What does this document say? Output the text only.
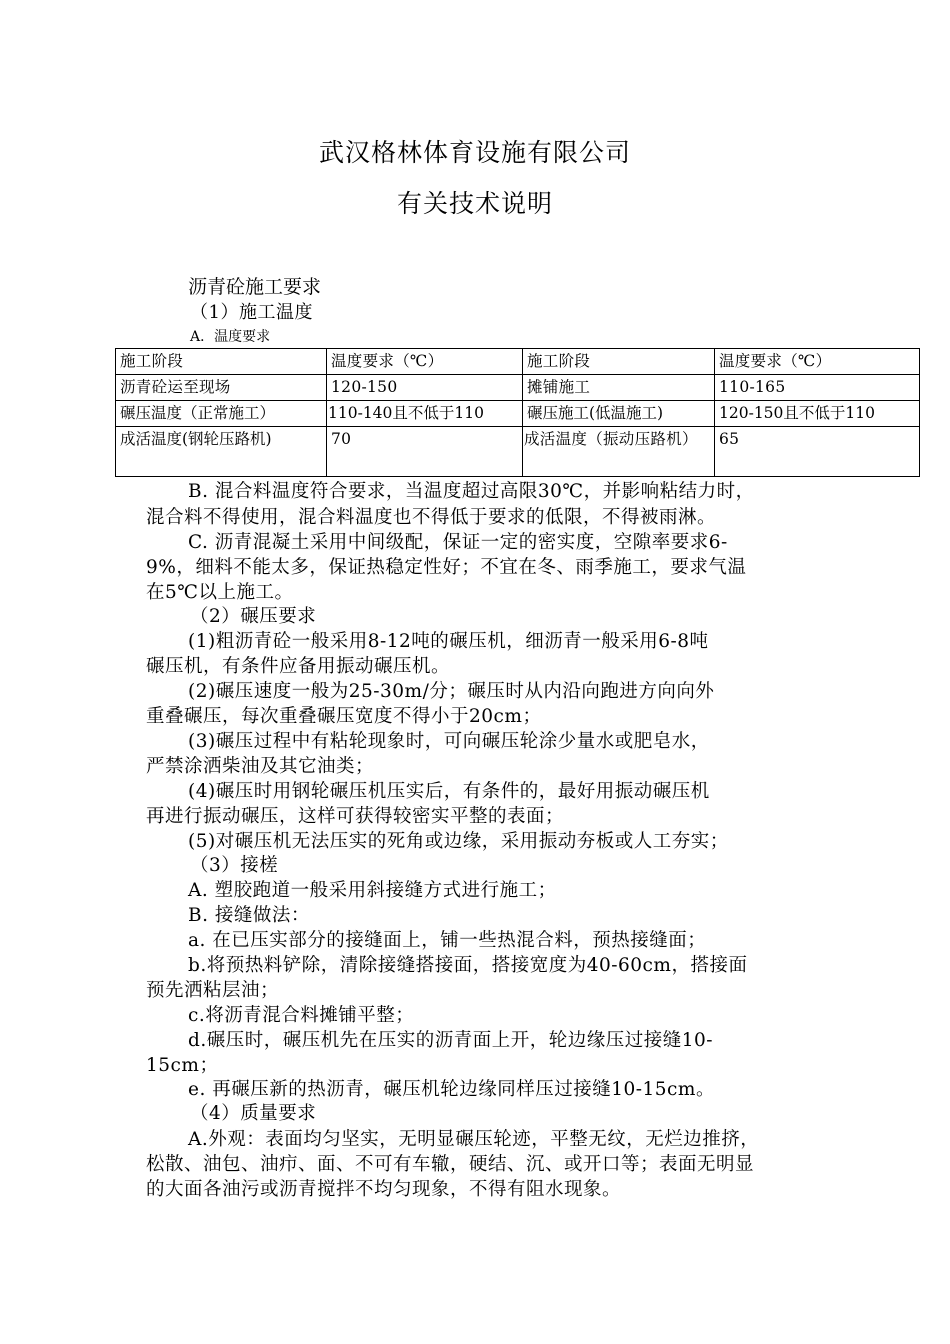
武汉格林体育设施有限公司
有关技术说明
沥青砼施工要求
（1）施工温度
A．温度要求
施工阶段	温度要求（℃）	施工阶段	温度要求（℃）
沥青砼运至现场	120-150	摊铺施工	110-165
碾压温度（正常施工）	110-140且不低于110	碾压施工(低温施工)	120-150且不低于110
成活温度(钢轮压路机)	70	成活温度（振动压路机）	65
B. 混合料温度符合要求，当温度超过高限30℃，并影响粘结力时，
混合料不得使用，混合料温度也不得低于要求的低限，不得被雨淋。
C. 沥青混凝土采用中间级配，保证一定的密实度，空隙率要求6-
9%，细料不能太多，保证热稳定性好；不宜在冬、雨季施工，要求气温
在5℃以上施工。
（2）碾压要求
(1)粗沥青砼一般采用8-12吨的碾压机，细沥青一般采用6-8吨
碾压机，有条件应备用振动碾压机。
(2)碾压速度一般为25-30m/分；碾压时从内沿向跑进方向向外
重叠碾压，每次重叠碾压宽度不得小于20cm；
(3)碾压过程中有粘轮现象时，可向碾压轮涂少量水或肥皂水，
严禁涂洒柴油及其它油类；
(4)碾压时用钢轮碾压机压实后，有条件的，最好用振动碾压机
再进行振动碾压，这样可获得较密实平整的表面；
(5)对碾压机无法压实的死角或边缘，采用振动夯板或人工夯实；
（3）接槎
A. 塑胶跑道一般采用斜接缝方式进行施工；
B. 接缝做法：
a. 在已压实部分的接缝面上，铺一些热混合料，预热接缝面；
b.将预热料铲除，清除接缝搭接面，搭接宽度为40-60cm，搭接面
预先洒粘层油；
c.将沥青混合料摊铺平整；
d.碾压时，碾压机先在压实的沥青面上开，轮边缘压过接缝10-
15cm；
e. 再碾压新的热沥青，碾压机轮边缘同样压过接缝10-15cm。
（4）质量要求
A.外观：表面均匀坚实，无明显碾压轮迹，平整无纹，无烂边推挤，
松散、油包、油疖、面、不可有车辙，硬结、沉、或开口等；表面无明显
的大面各油污或沥青搅拌不均匀现象，不得有阻水现象。
